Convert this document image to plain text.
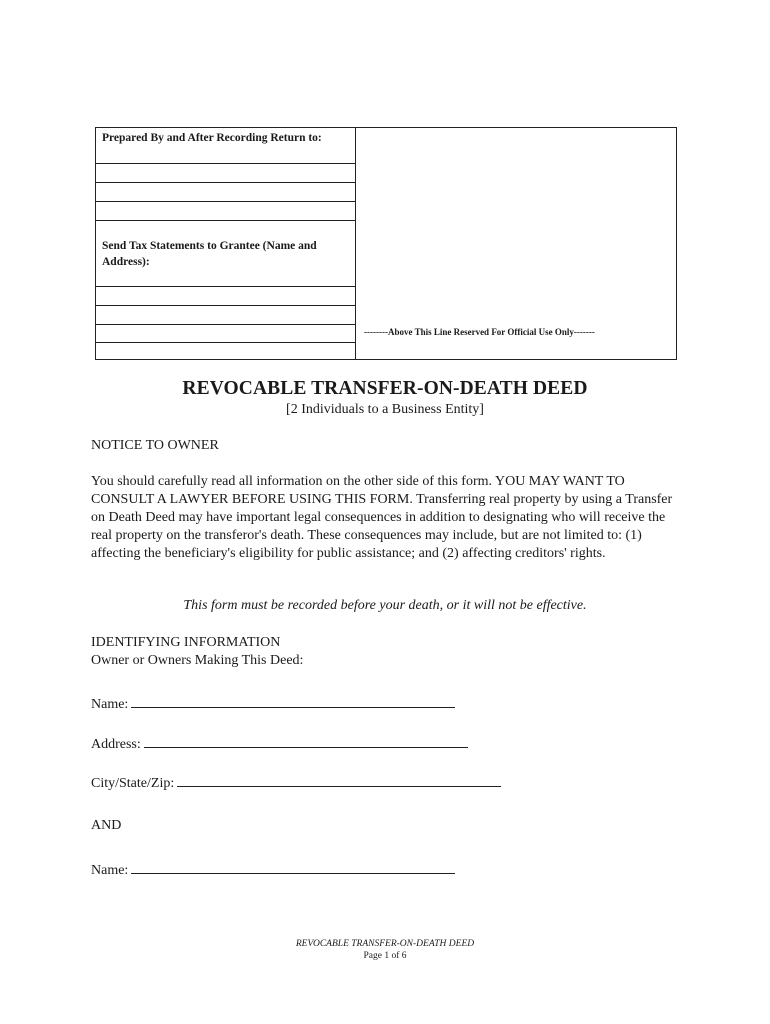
Prepared By and After Recording Return to:
Send Tax Statements to Grantee (Name and Address):
--------Above This Line Reserved For Official Use Only-------
REVOCABLE TRANSFER-ON-DEATH DEED
[2 Individuals to a Business Entity]
NOTICE TO OWNER
You should carefully read all information on the other side of this form. YOU MAY WANT TO CONSULT A LAWYER BEFORE USING THIS FORM. Transferring real property by using a Transfer on Death Deed may have important legal consequences in addition to designating who will receive the real property on the transferor's death. These consequences may include, but are not limited to: (1) affecting the beneficiary's eligibility for public assistance; and (2) affecting creditors' rights.
This form must be recorded before your death, or it will not be effective.
IDENTIFYING INFORMATION
Owner or Owners Making This Deed:
Name:
Address:
City/State/Zip:
AND
Name:
REVOCABLE TRANSFER-ON-DEATH DEED
Page 1 of 6
